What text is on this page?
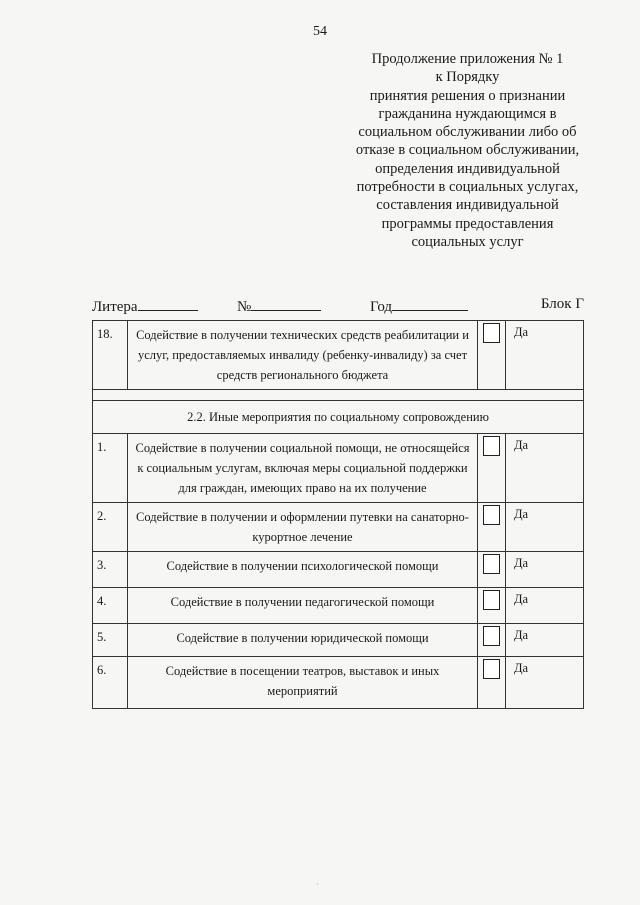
54
Продолжение приложения № 1
к Порядку
принятия решения о признании
гражданина нуждающимся в
социальном обслуживании либо об
отказе в социальном обслуживании,
определения индивидуальной
потребности в социальных услугах,
составления индивидуальной
программы предоставления
социальных услуг
Литера	№	Год	Блок Г
18.	Содействие в получении технических средств реабилитации и услуг, предоставляемых инвалиду (ребенку-инвалиду) за счет средств регионального бюджета		Да

2.2. Иные мероприятия по социальному сопровождению			
1.	Содействие в получении социальной помощи, не относящейся к социальным услугам, включая меры социальной поддержки для граждан, имеющих право на их получение		Да
2.	Содействие в получении и оформлении путевки на санаторно-курортное лечение		Да
3.	Содействие в получении психологической помощи		Да
4.	Содействие в получении педагогической помощи		Да
5.	Содействие в получении юридической помощи		Да
6.	Содействие в посещении театров, выставок и иных мероприятий		Да
·
